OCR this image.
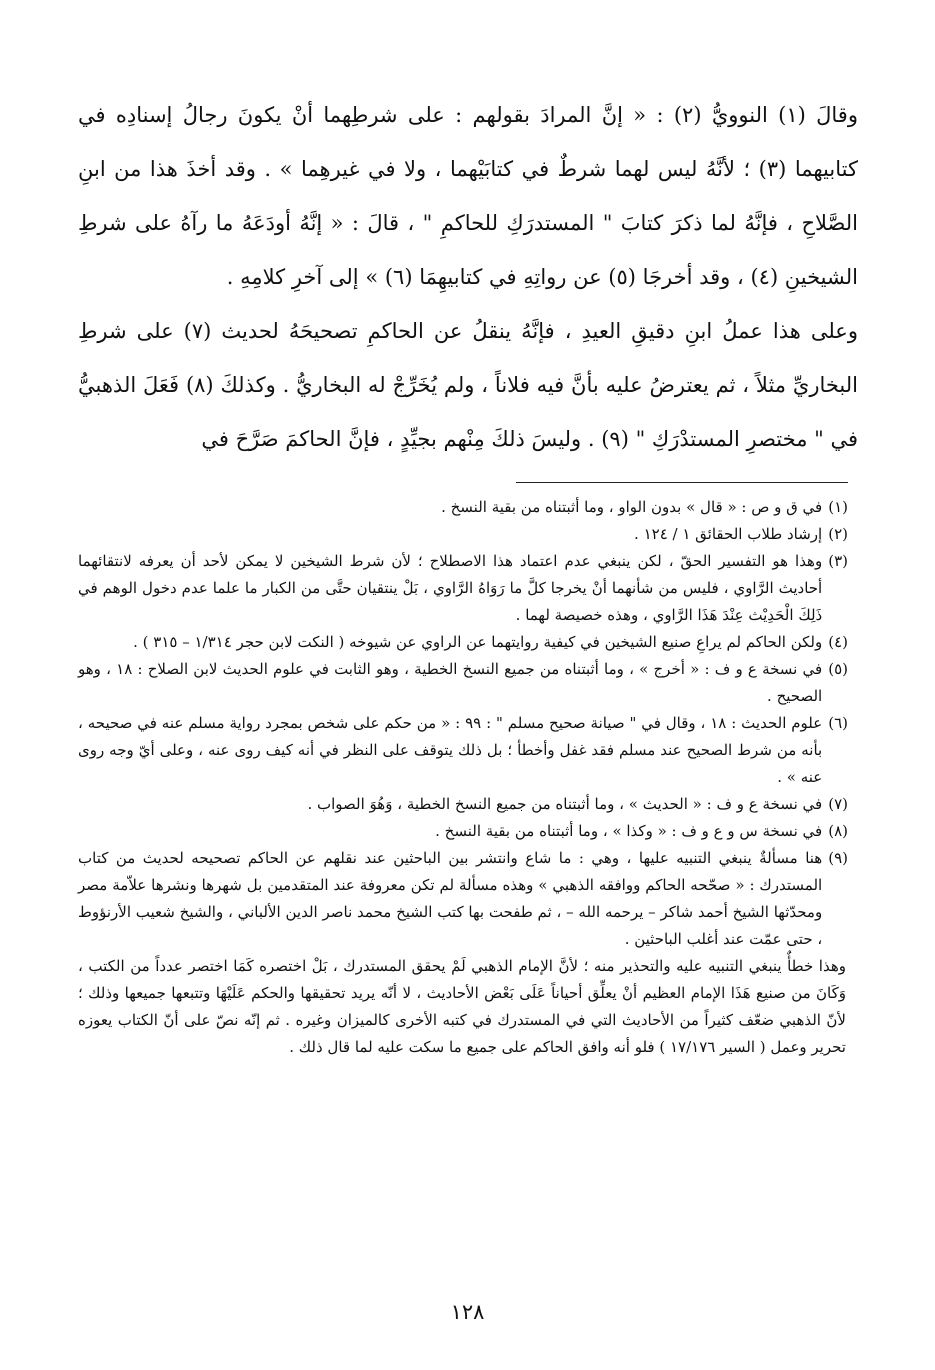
وقالَ (١) النوويُّ (٢) : « إنَّ المرادَ بقولهم : على شرطِهما أنْ يكونَ رجالُ إسنادِه في كتابيهما (٣) ؛ لأنَّهُ ليس لهما شرطٌ في كتابَيْهما ، ولا في غيرهِما » . وقد أخذَ هذا من ابنِ الصَّلاحِ ، فإنَّهُ لما ذكرَ كتابَ " المستدرَكِ للحاكمِ " ، قالَ : « إنَّهُ أودَعَهُ ما رآهُ على شرطِ الشيخينِ (٤) ، وقد أخرجَا (٥) عن رواتِهِ في كتابيهِمَا (٦) » إلى آخرِ كلامِهِ .

وعلى هذا عملُ ابنِ دقيقِ العيدِ ، فإنَّهُ ينقلُ عن الحاكمِ تصحيحَهُ لحديث (٧) على شرطِ البخاريِّ مثلاً ، ثم يعترضُ عليه بأنَّ فيه فلاناً ، ولم يُخَرِّجْ له البخاريُّ . وكذلكَ (٨) فَعَلَ الذهبيُّ في " مختصرِ المستدْرَكِ " (٩) . وليسَ ذلكَ مِنْهم بجيِّدٍ ، فإنَّ الحاكمَ صَرَّحَ في

(١)
في ق و ص : « قال » بدون الواو ، وما أثبتناه من بقية النسخ .
(٢)
إرشاد طلاب الحقائق ١ / ١٢٤ .
(٣)
وهذا هو التفسير الحقّ ، لكن ينبغي عدم اعتماد هذا الاصطلاح ؛ لأن شرط الشيخين لا يمكن لأحد أن يعرفه لانتقائهما أحاديث الرَّاوي ، فليس من شأنهما أنْ يخرجا كلَّ ما رَوَاهُ الرَّاوي ، بَلْ ينتقيان حتَّى من الكبار ما علما عدم دخول الوهم في ذَلِكَ الْحَدِيْث عِنْدَ هَذَا الرَّاوي ، وهذه خصيصة لهما .
(٤)
ولكن الحاكم لم يراعِ صنيع الشيخين في كيفية روايتهما عن الراوي عن شيوخه ( النكت لابن حجر ١/٣١٤ – ٣١٥ ) .
(٥)
في نسخة ع و ف : « أخرج » ، وما أثبتناه من جميع النسخ الخطية ، وهو الثابت في علوم الحديث لابن الصلاح : ١٨ ، وهو الصحيح .
(٦)
علوم الحديث : ١٨ ، وقال في " صيانة صحيح مسلم " : ٩٩ : « من حكم على شخص بمجرد رواية مسلم عنه في صحيحه ، بأنه من شرط الصحيح عند مسلم فقد غفل وأخطأ ؛ بل ذلك يتوقف على النظر في أنه كيف روى عنه ، وعلى أيّ وجه روى عنه » .
(٧)
في نسخة ع و ف : « الحديث » ، وما أثبتناه من جميع النسخ الخطية ، وَهُوَ الصواب .
(٨)
في نسخة س و ع و ف : « وكذا » ، وما أثبتناه من بقية النسخ .
(٩)
هنا مسألةٌ ينبغي التنبيه عليها ، وهي : ما شاع وانتشر بين الباحثين عند نقلهم عن الحاكم تصحيحه لحديث من كتاب المستدرك : « صحّحه الحاكم ووافقه الذهبي » وهذه مسألة لم تكن معروفة عند المتقدمين بل شهرها ونشرها علاّمة مصر ومحدّثها الشيخ أحمد شاكر – يرحمه الله – ، ثم طفحت بها كتب الشيخ محمد ناصر الدين الألباني ، والشيخ شعيب الأرنؤوط ، حتى عمّت عند أغلب الباحثين .
وهذا خطأٌ ينبغي التنبيه عليه والتحذير منه ؛ لأنَّ الإمام الذهبي لَمْ يحقق المستدرك ، بَلْ اختصره كَمَا اختصر عدداً من الكتب ، وَكَانَ من صنيع هَذَا الإمام العظيم أنْ يعلِّق أحياناً عَلَى بَعْض الأحاديث ، لا أنّه يريد تحقيقها والحكم عَلَيْهَا وتتبعها جميعها وذلك ؛ لأنّ الذهبي ضعّف كثيراً من الأحاديث التي في المستدرك في كتبه الأخرى كالميزان وغيره . ثم إنّه نصّ على أنّ الكتاب يعوزه تحرير وعمل ( السير ١٧/١٧٦ ) فلو أنه وافق الحاكم على جميع ما سكت عليه لما قال ذلك .
١٢٨
